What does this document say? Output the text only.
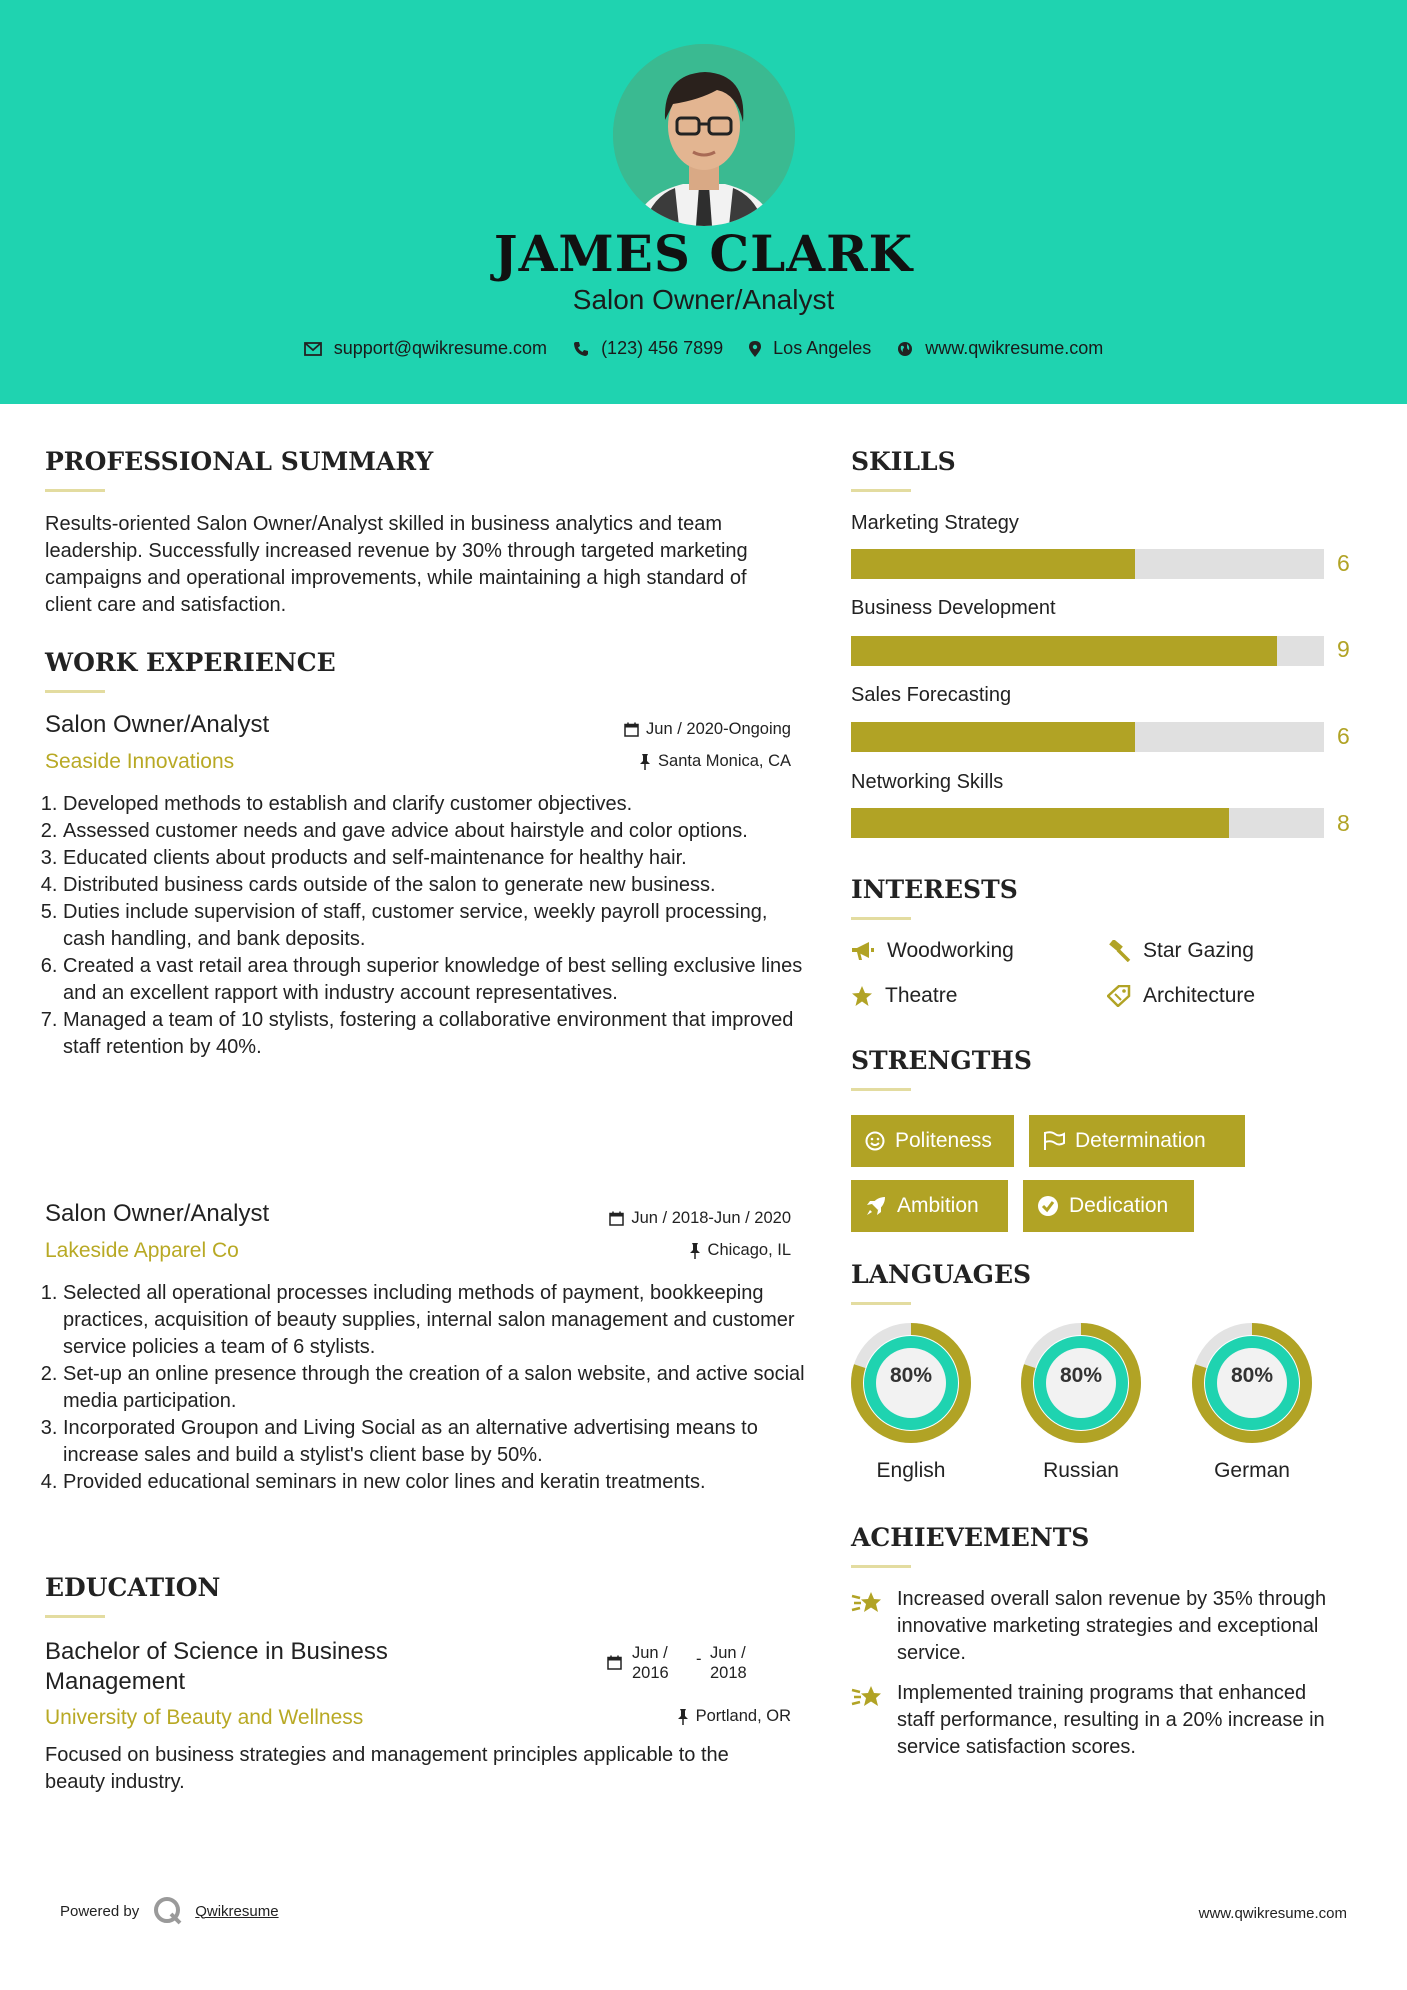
JAMES CLARK
Salon Owner/Analyst
support@qwikresume.com	(123) 456 7899	Los Angeles	www.qwikresume.com
PROFESSIONAL SUMMARY
Results-oriented Salon Owner/Analyst skilled in business analytics and team leadership. Successfully increased revenue by 30% through targeted marketing campaigns and operational improvements, while maintaining a high standard of client care and satisfaction.
WORK EXPERIENCE
Salon Owner/Analyst	Jun / 2020-Ongoing
Seaside Innovations	Santa Monica, CA
1. Developed methods to establish and clarify customer objectives.
2. Assessed customer needs and gave advice about hairstyle and color options.
3. Educated clients about products and self-maintenance for healthy hair.
4. Distributed business cards outside of the salon to generate new business.
5. Duties include supervision of staff, customer service, weekly payroll processing, cash handling, and bank deposits.
6. Created a vast retail area through superior knowledge of best selling exclusive lines and an excellent rapport with industry account representatives.
7. Managed a team of 10 stylists, fostering a collaborative environment that improved staff retention by 40%.
Salon Owner/Analyst	Jun / 2018-Jun / 2020
Lakeside Apparel Co	Chicago, IL
1. Selected all operational processes including methods of payment, bookkeeping practices, acquisition of beauty supplies, internal salon management and customer service policies a team of 6 stylists.
2. Set-up an online presence through the creation of a salon website, and active social media participation.
3. Incorporated Groupon and Living Social as an alternative advertising means to increase sales and build a stylist's client base by 50%.
4. Provided educational seminars in new color lines and keratin treatments.
EDUCATION
Bachelor of Science in Business Management
Jun / 2016
- Jun / 2018
University of Beauty and Wellness	Portland, OR
Focused on business strategies and management principles applicable to the beauty industry.
SKILLS
Marketing Strategy
6
Business Development
9
Sales Forecasting
6
Networking Skills
8
INTERESTS
Woodworking	Star Gazing
Theatre	Architecture
STRENGTHS
Politeness	Determination
Ambition	Dedication
LANGUAGES
80%
English
80%
Russian
80%
German
ACHIEVEMENTS
Increased overall salon revenue by 35% through innovative marketing strategies and exceptional service.
Implemented training programs that enhanced staff performance, resulting in a 20% increase in service satisfaction scores.
Powered by	Qwikresume	www.qwikresume.com
